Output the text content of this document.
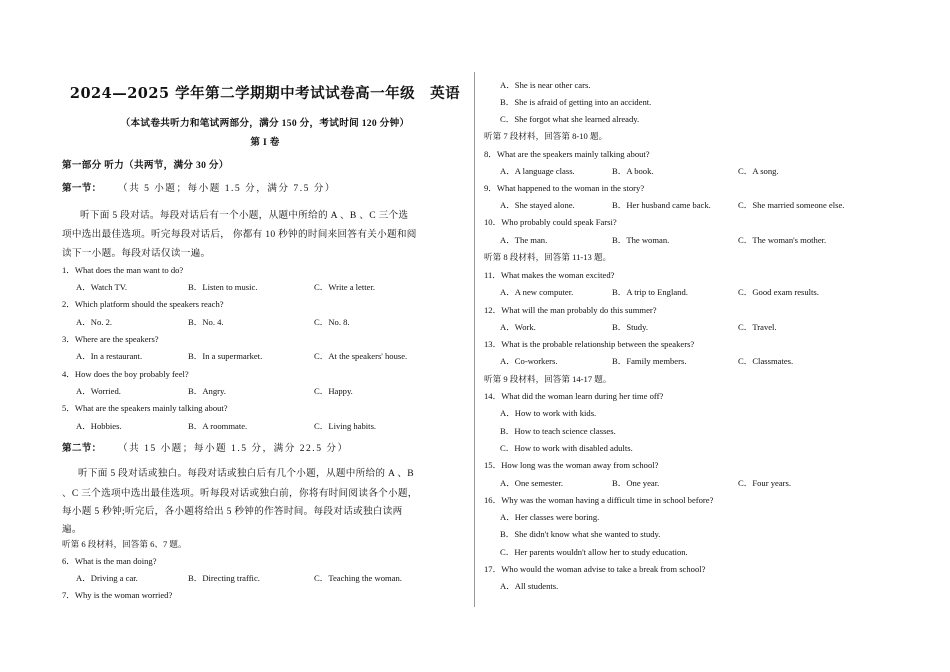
2024—2025 学年第二学期期中考试试卷高一年级　英语
（本试卷共听力和笔试两部分，满分 150 分，考试时间 120 分钟）
第 I 卷
第一部分 听力（共两节，满分 30 分）
第一节： （共 5 小题；每小题 1.5 分，满分 7.5 分）
听下面 5 段对话。每段对话后有一个小题，从题中所给的 A 、B 、C 三个选
项中选出最佳选项。听完每段对话后， 你都有 10 秒钟的时间来回答有关小题和阅
读下一小题。每段对话仅读一遍。
1．What does the man want to do?
A．Watch TV.	B．Listen to music.	C．Write a letter.
2．Which platform should the speakers reach?
A．No. 2.	B．No. 4.	C．No. 8.
3．Where are the speakers?
A．In a restaurant.	B．In a supermarket.	C．At the speakers' house.
4．How does the boy probably feel?
A．Worried.	B．Angry.	C．Happy.
5．What are the speakers mainly talking about?
A．Hobbies.	B．A roommate.	C．Living habits.
第二节： （共 15 小题；每小题 1.5 分，满分 22.5 分）
听下面 5 段对话或独白。每段对话或独白后有几个小题，从题中所给的 A 、B
、C 三个选项中选出最佳选项。听每段对话或独白前，你将有时间阅读各个小题，
每小题 5 秒钟;听完后，各小题将给出 5 秒钟的作答时间。每段对话或独白读两
遍。
听第 6 段材料，回答第 6、7 题。
6．What is the man doing?
A．Driving a car.	B．Directing traffic.	C．Teaching the woman.
7．Why is the woman worried?
A．She is near other cars.
B．She is afraid of getting into an accident.
C．She forgot what she learned already.
听第 7 段材料，回答第 8-10 题。
8．What are the speakers mainly talking about?
A．A language class.	B．A book.	C．A song.
9．What happened to the woman in the story?
A．She stayed alone.	B．Her husband came back.	C．She married someone else.
10．Who probably could speak Farsi?
A．The man.	B．The woman.	C．The woman's mother.
听第 8 段材料，回答第 11-13 题。
11．What makes the woman excited?
A．A new computer.	B．A trip to England.	C．Good exam results.
12．What will the man probably do this summer?
A．Work.	B．Study.	C．Travel.
13．What is the probable relationship between the speakers?
A．Co-workers.	B．Family members.	C．Classmates.
听第 9 段材料，回答第 14-17 题。
14．What did the woman learn during her time off?
A．How to work with kids.
B．How to teach science classes.
C．How to work with disabled adults.
15．How long was the woman away from school?
A．One semester.	B．One year.	C．Four years.
16．Why was the woman having a difficult time in school before?
A．Her classes were boring.
B．She didn't know what she wanted to study.
C．Her parents wouldn't allow her to study education.
17．Who would the woman advise to take a break from school?
A．All students.
